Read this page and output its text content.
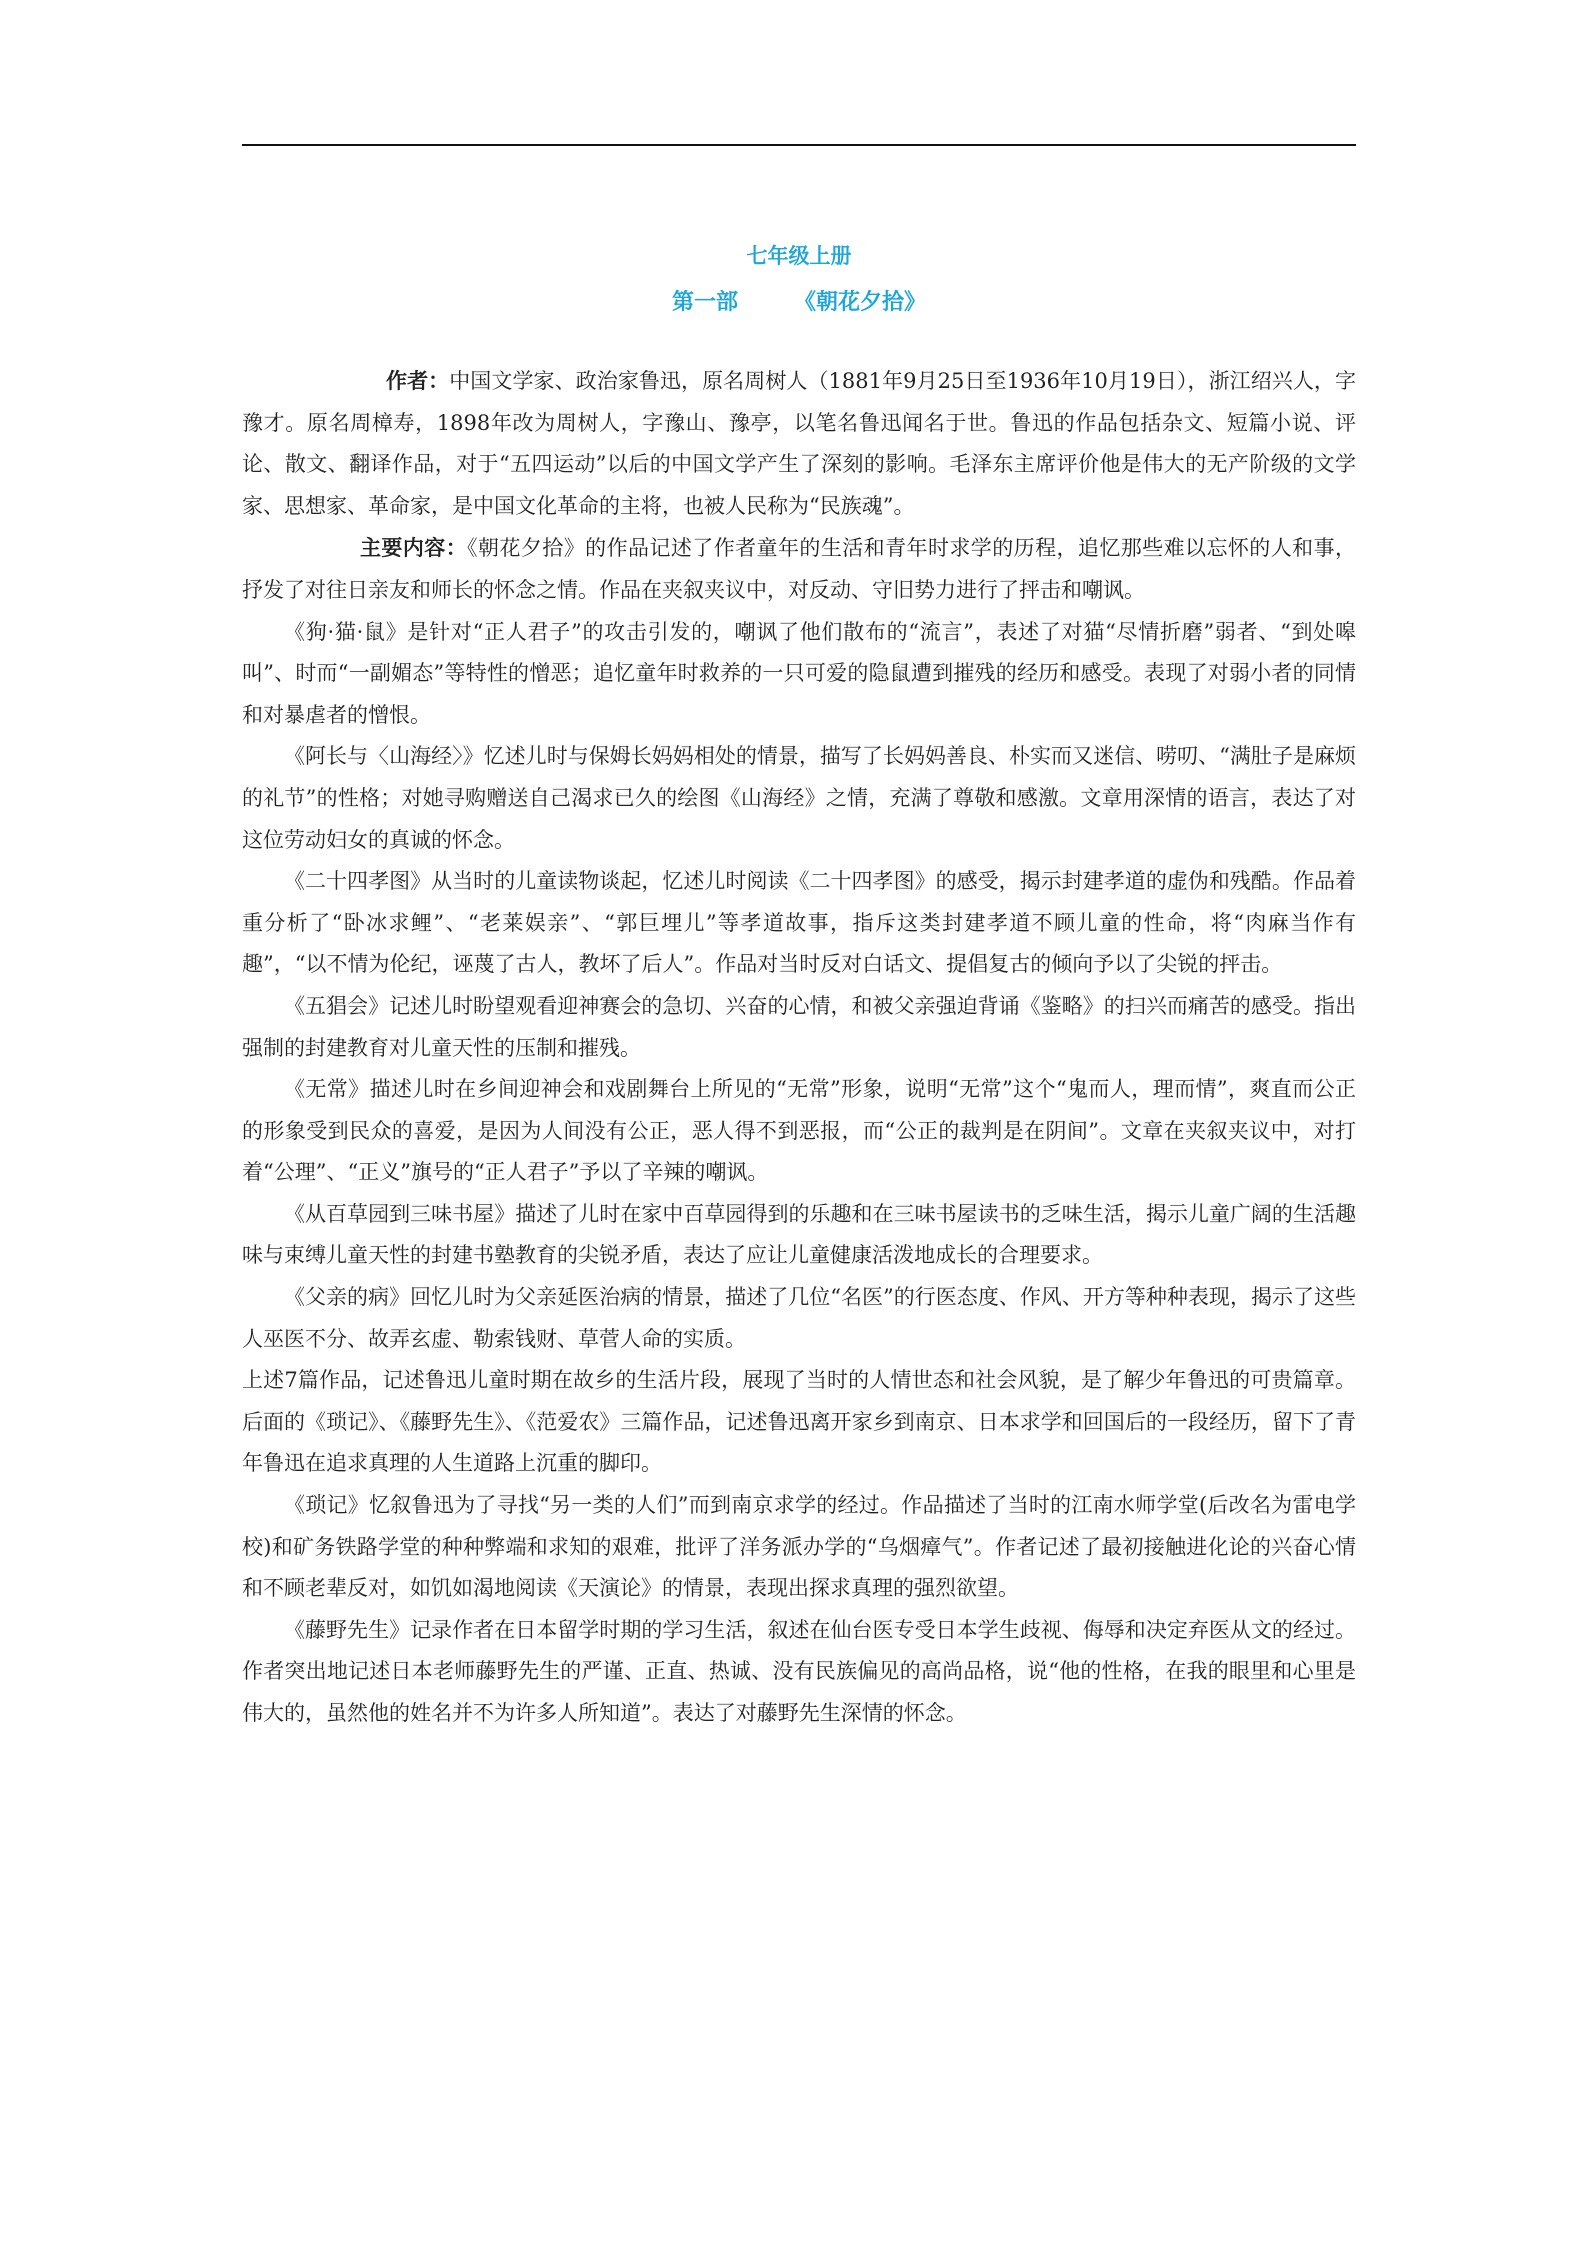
七年级上册
第一部	《朝花夕拾》

作者：中国文学家、政治家鲁迅，原名周树人（1881年9月25日至1936年10月19日），浙江绍兴人，字豫才。原名周樟寿，1898年改为周树人，字豫山、豫亭，以笔名鲁迅闻名于世。鲁迅的作品包括杂文、短篇小说、评论、散文、翻译作品，对于“五四运动”以后的中国文学产生了深刻的影响。毛泽东主席评价他是伟大的无产阶级的文学家、思想家、革命家，是中国文化革命的主将，也被人民称为“民族魂”。

主要内容：《朝花夕拾》的作品记述了作者童年的生活和青年时求学的历程，追忆那些难以忘怀的人和事，抒发了对往日亲友和师长的怀念之情。作品在夹叙夹议中，对反动、守旧势力进行了抨击和嘲讽。

《狗·猫·鼠》是针对“正人君子”的攻击引发的，嘲讽了他们散布的“流言”，表述了对猫“尽情折磨”弱者、“到处嗥叫”、时而“一副媚态”等特性的憎恶；追忆童年时救养的一只可爱的隐鼠遭到摧残的经历和感受。表现了对弱小者的同情和对暴虐者的憎恨。

《阿长与〈山海经〉》忆述儿时与保姆长妈妈相处的情景，描写了长妈妈善良、朴实而又迷信、唠叨、“满肚子是麻烦的礼节”的性格；对她寻购赠送自己渴求已久的绘图《山海经》之情，充满了尊敬和感激。文章用深情的语言，表达了对这位劳动妇女的真诚的怀念。

《二十四孝图》从当时的儿童读物谈起，忆述儿时阅读《二十四孝图》的感受，揭示封建孝道的虚伪和残酷。作品着重分析了“卧冰求鲤”、“老莱娱亲”、“郭巨埋儿”等孝道故事，指斥这类封建孝道不顾儿童的性命，将“肉麻当作有趣”，“以不情为伦纪，诬蔑了古人，教坏了后人”。作品对当时反对白话文、提倡复古的倾向予以了尖锐的抨击。

《五猖会》记述儿时盼望观看迎神赛会的急切、兴奋的心情，和被父亲强迫背诵《鉴略》的扫兴而痛苦的感受。指出强制的封建教育对儿童天性的压制和摧残。

《无常》描述儿时在乡间迎神会和戏剧舞台上所见的“无常”形象，说明“无常”这个“鬼而人，理而情”，爽直而公正的形象受到民众的喜爱，是因为人间没有公正，恶人得不到恶报，而“公正的裁判是在阴间”。文章在夹叙夹议中，对打着“公理”、“正义”旗号的“正人君子”予以了辛辣的嘲讽。

《从百草园到三味书屋》描述了儿时在家中百草园得到的乐趣和在三味书屋读书的乏味生活，揭示儿童广阔的生活趣味与束缚儿童天性的封建书塾教育的尖锐矛盾，表达了应让儿童健康活泼地成长的合理要求。

《父亲的病》回忆儿时为父亲延医治病的情景，描述了几位“名医”的行医态度、作风、开方等种种表现，揭示了这些人巫医不分、故弄玄虚、勒索钱财、草菅人命的实质。

上述7篇作品，记述鲁迅儿童时期在故乡的生活片段，展现了当时的人情世态和社会风貌，是了解少年鲁迅的可贵篇章。后面的《琐记》、《藤野先生》、《范爱农》三篇作品，记述鲁迅离开家乡到南京、日本求学和回国后的一段经历，留下了青年鲁迅在追求真理的人生道路上沉重的脚印。

《琐记》忆叙鲁迅为了寻找“另一类的人们”而到南京求学的经过。作品描述了当时的江南水师学堂(后改名为雷电学校)和矿务铁路学堂的种种弊端和求知的艰难，批评了洋务派办学的“乌烟瘴气”。作者记述了最初接触进化论的兴奋心情和不顾老辈反对，如饥如渴地阅读《天演论》的情景，表现出探求真理的强烈欲望。

《藤野先生》记录作者在日本留学时期的学习生活，叙述在仙台医专受日本学生歧视、侮辱和决定弃医从文的经过。作者突出地记述日本老师藤野先生的严谨、正直、热诚、没有民族偏见的高尚品格，说“他的性格，在我的眼里和心里是伟大的，虽然他的姓名并不为许多人所知道”。表达了对藤野先生深情的怀念。
